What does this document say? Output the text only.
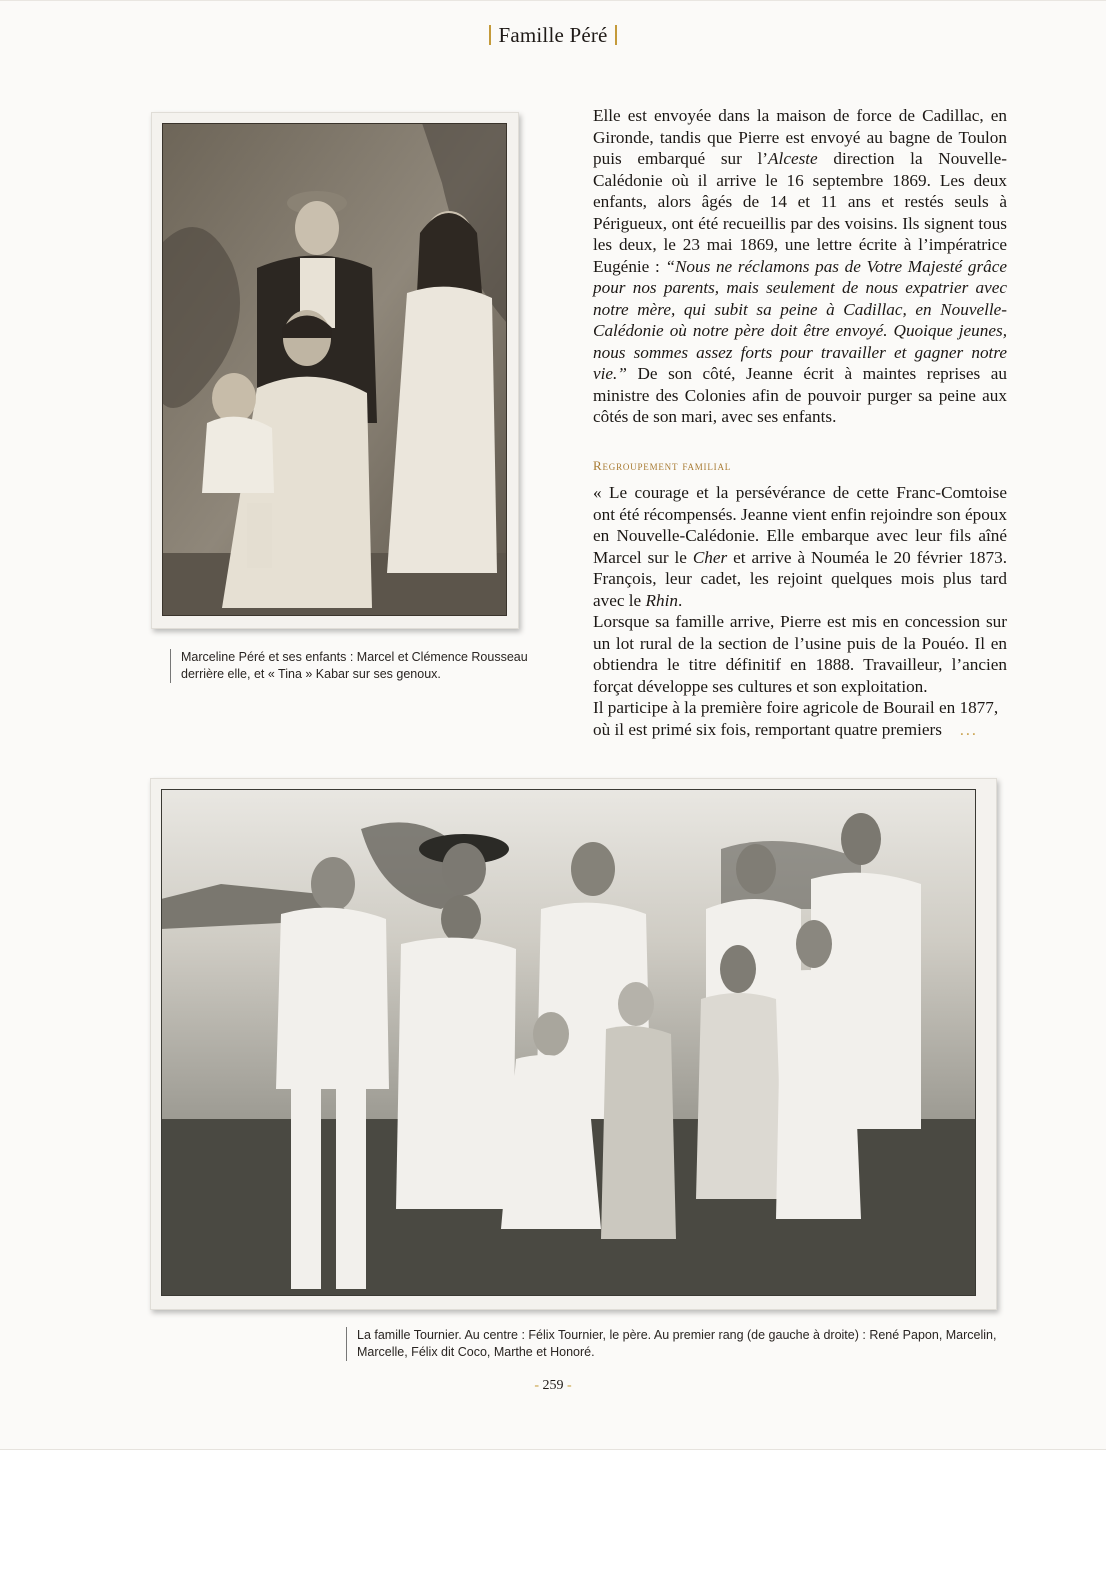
Famille Péré

Marceline Péré et ses enfants : Marcel et Clémence Rousseau derrière elle, et « Tina » Kabar sur ses genoux.

Elle est envoyée dans la maison de force de Cadillac, en Gironde, tandis que Pierre est envoyé au bagne de Toulon puis embarqué sur l’Alceste direction la Nouvelle-Calédonie où il arrive le 16 septembre 1869. Les deux enfants, alors âgés de 14 et 11 ans et restés seuls à Périgueux, ont été recueillis par des voisins. Ils signent tous les deux, le 23 mai 1869, une lettre écrite à l’impératrice Eugénie : “Nous ne réclamons pas de Votre Majesté grâce pour nos parents, mais seulement de nous expatrier avec notre mère, qui subit sa peine à Cadillac, en Nouvelle-Calédonie où notre père doit être envoyé. Quoique jeunes, nous sommes assez forts pour travailler et gagner notre vie.” De son côté, Jeanne écrit à maintes reprises au ministre des Colonies afin de pouvoir purger sa peine aux côtés de son mari, avec ses enfants.

Regroupement familial

« Le courage et la persévérance de cette Franc-Comtoise ont été récompensés. Jeanne vient enfin rejoindre son époux en Nouvelle-Calédonie. Elle embarque avec leur fils aîné Marcel sur le Cher et arrive à Nouméa le 20 février 1873. François, leur cadet, les rejoint quelques mois plus tard avec le Rhin.

Lorsque sa famille arrive, Pierre est mis en concession sur un lot rural de la section de l’usine puis de la Pouéo. Il en obtiendra le titre définitif en 1888. Travailleur, l’ancien forçat développe ses cultures et son exploitation.

Il participe à la première foire agricole de Bourail en 1877, où il est primé six fois, remportant quatre premiers ...

La famille Tournier. Au centre : Félix Tournier, le père. Au premier rang (de gauche à droite) : René Papon, Marcelin, Marcelle, Félix dit Coco, Marthe et Honoré.

- 259 -
